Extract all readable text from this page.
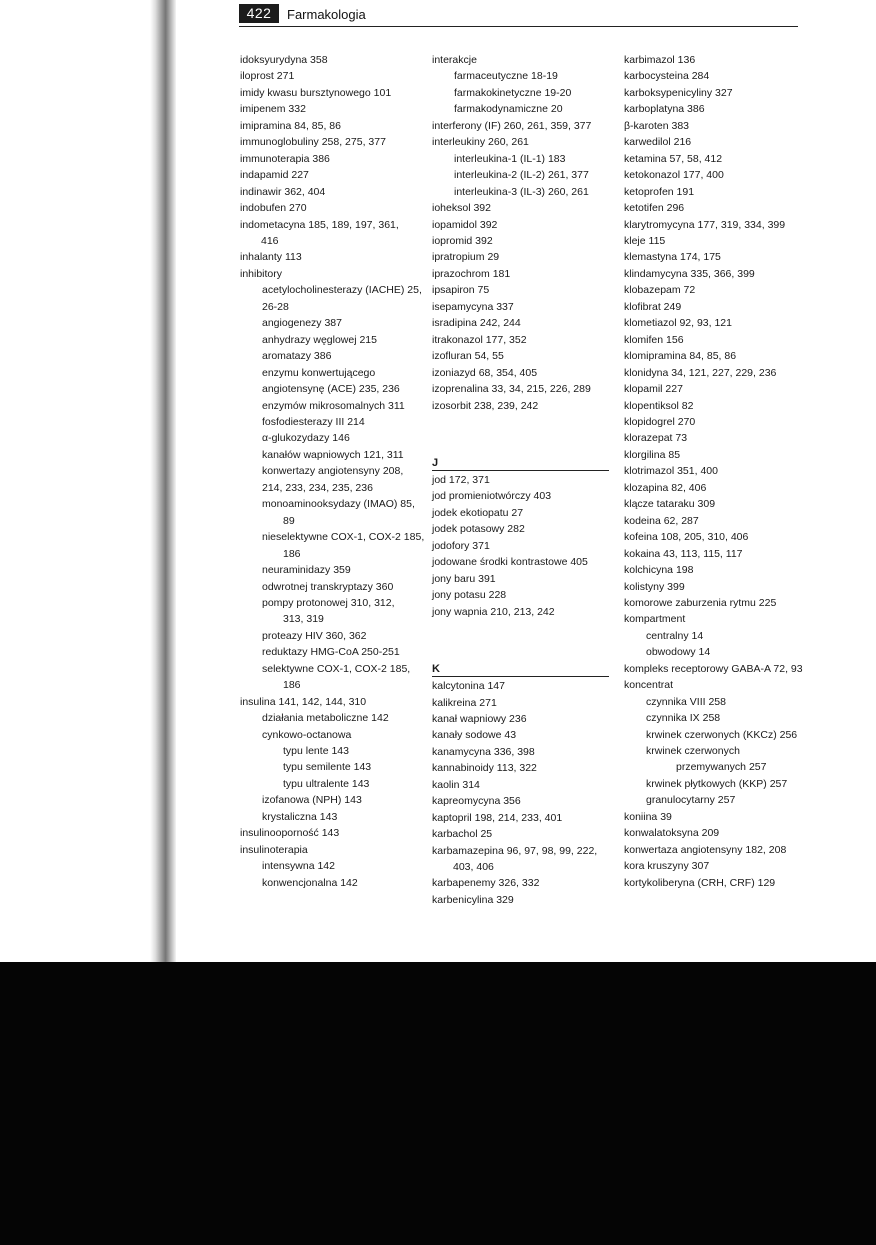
422	Farmakologia
idoksyurydyna 358
iloprost 271
imidy kwasu bursztynowego 101
imipenem 332
imipramina 84, 85, 86
immunoglobuliny 258, 275, 377
immunoterapia 386
indapamid 227
indinawir 362, 404
indobufen 270
indometacyna 185, 189, 197, 361,
416
inhalanty 113
inhibitory
acetylocholinesterazy (IACHE) 25,
26-28
angiogenezy 387
anhydrazy węglowej 215
aromatazy 386
enzymu konwertującego
angiotensynę (ACE) 235, 236
enzymów mikrosomalnych 311
fosfodiesterazy III 214
α-glukozydazy 146
kanałów wapniowych 121, 311
konwertazy angiotensyny 208,
214, 233, 234, 235, 236
monoaminooksydazy (IMAO) 85,
89
nieselektywne COX-1, COX-2 185,
186
neuraminidazy 359
odwrotnej transkryptazy 360
pompy protonowej 310, 312,
313, 319
proteazy HIV 360, 362
reduktazy HMG-CoA 250-251
selektywne COX-1, COX-2 185,
186
insulina 141, 142, 144, 310
działania metaboliczne 142
cynkowo-octanowa
typu lente 143
typu semilente 143
typu ultralente 143
izofanowa (NPH) 143
krystaliczna 143
insulinooporność 143
insulinoterapia
intensywna 142
konwencjonalna 142
interakcje
farmaceutyczne 18-19
farmakokinetyczne 19-20
farmakodynamiczne 20
interferony (IF) 260, 261, 359, 377
interleukiny 260, 261
interleukina-1 (IL-1) 183
interleukina-2 (IL-2) 261, 377
interleukina-3 (IL-3) 260, 261
ioheksol 392
iopamidol 392
iopromid 392
ipratropium 29
iprazochrom 181
ipsapiron 75
isepamycyna 337
isradipina 242, 244
itrakonazol 177, 352
izofluran 54, 55
izoniazyd 68, 354, 405
izoprenalina 33, 34, 215, 226, 289
izosorbit 238, 239, 242
J
jod 172, 371
jod promieniotwórczy 403
jodek ekotiopatu 27
jodek potasowy 282
jodofory 371
jodowane środki kontrastowe 405
jony baru 391
jony potasu 228
jony wapnia 210, 213, 242
K
kalcytonina 147
kalikreina 271
kanał wapniowy 236
kanały sodowe 43
kanamycyna 336, 398
kannabinoidy 113, 322
kaolin 314
kapreomycyna 356
kaptopril 198, 214, 233, 401
karbachol 25
karbamazepina 96, 97, 98, 99, 222,
403, 406
karbapenemy 326, 332
karbenicylina 329
karbimazol 136
karbocysteina 284
karboksypenicyliny 327
karboplatyna 386
β-karoten 383
karwedilol 216
ketamina 57, 58, 412
ketokonazol 177, 400
ketoprofen 191
ketotifen 296
klarytromycyna 177, 319, 334, 399
kleje 115
klemastyna 174, 175
klindamycyna 335, 366, 399
klobazepam 72
klofibrat 249
klometiazol 92, 93, 121
klomifen 156
klomipramina 84, 85, 86
klonidyna 34, 121, 227, 229, 236
klopamil 227
klopentiksol 82
klopidogrel 270
klorazepat 73
klorgilina 85
klotrimazol 351, 400
klozapina 82, 406
klącze tataraku 309
kodeina 62, 287
kofeina 108, 205, 310, 406
kokaina 43, 113, 115, 117
kolchicyna 198
kolistyny 399
komorowe zaburzenia rytmu 225
kompartment
centralny 14
obwodowy 14
kompleks receptorowy GABA-A 72, 93
koncentrat
czynnika VIII 258
czynnika IX 258
krwinek czerwonych (KKCz) 256
krwinek czerwonych
przemywanych 257
krwinek płytkowych (KKP) 257
granulocytarny 257
koniina 39
konwalatoksyna 209
konwertaza angiotensyny 182, 208
kora kruszyny 307
kortykoliberyna (CRH, CRF) 129
